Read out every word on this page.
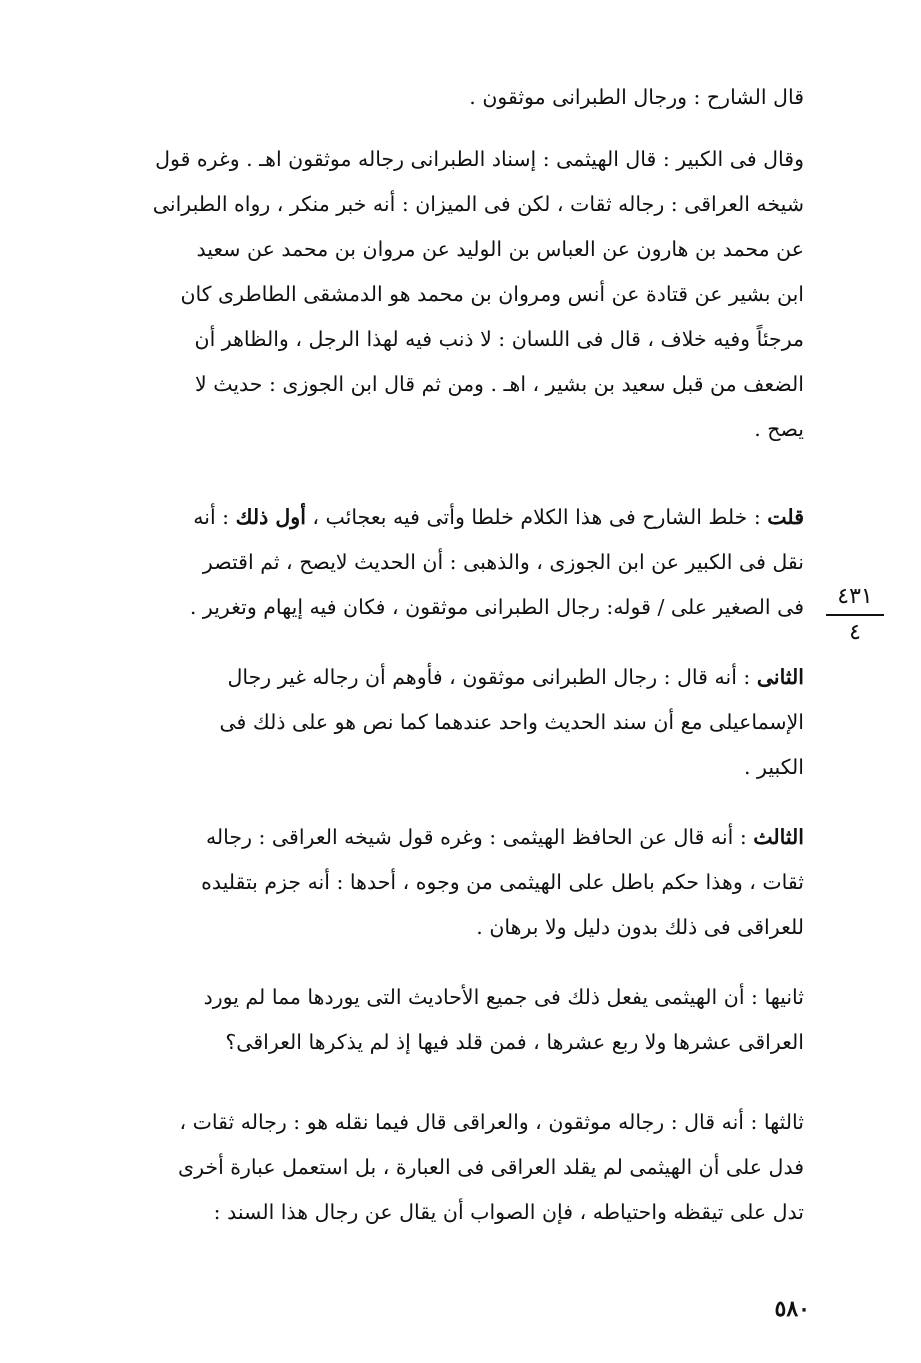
قال الشارح : ورجال الطبرانى موثقون .
وقال فى الكبير : قال الهيثمى : إسناد الطبرانى رجاله موثقون اهـ . وغره قول
شيخه العراقى : رجاله ثقات ، لكن فى الميزان : أنه خبر منكر ، رواه الطبرانى
عن محمد بن هارون عن العباس بن الوليد عن مروان بن محمد عن سعيد
ابن بشير عن قتادة عن أنس ومروان بن محمد هو الدمشقى الطاطرى كان
مرجئاً وفيه خلاف ، قال فى اللسان : لا ذنب فيه لهذا الرجل ، والظاهر أن
الضعف من قبل سعيد بن بشير ، اهـ . ومن ثم قال ابن الجوزى : حديث لا
يصح .
قلت : خلط الشارح فى هذا الكلام خلطا وأتى فيه بعجائب ، أول ذلك : أنه
نقل فى الكبير عن ابن الجوزى ، والذهبى : أن الحديث لايصح ، ثم اقتصر
فى الصغير على / قوله: رجال الطبرانى موثقون ، فكان فيه إيهام وتغرير .
الثانى : أنه قال : رجال الطبرانى موثقون ، فأوهم أن رجاله غير رجال
الإسماعيلى مع أن سند الحديث واحد عندهما كما نص هو على ذلك فى
الكبير .
الثالث : أنه قال عن الحافظ الهيثمى : وغره قول شيخه العراقى : رجاله
ثقات ، وهذا حكم باطل على الهيثمى من وجوه ، أحدها : أنه جزم بتقليده
للعراقى فى ذلك بدون دليل ولا برهان .
ثانيها : أن الهيثمى يفعل ذلك فى جميع الأحاديث التى يوردها مما لم يورد
العراقى عشرها ولا ربع عشرها ، فمن قلد فيها إذ لم يذكرها العراقى؟
ثالثها : أنه قال : رجاله موثقون ، والعراقى قال فيما نقله هو : رجاله ثقات ،
فدل على أن الهيثمى لم يقلد العراقى فى العبارة ، بل استعمل عبارة أخرى
تدل على تيقظه واحتياطه ، فإن الصواب أن يقال عن رجال هذا السند :
٤٣١
٤
٥٨٠
